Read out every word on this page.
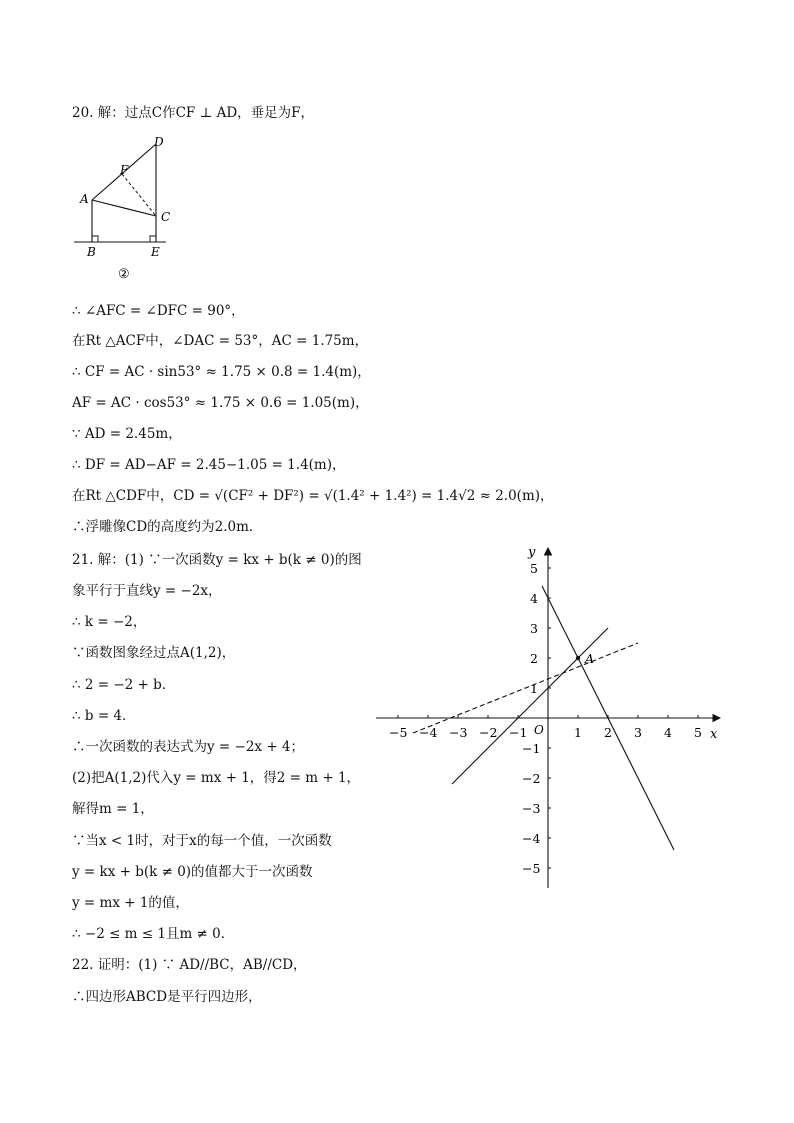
20. 解：过点C作CF ⊥ AD，垂足为F，
A
B
C
D
E
F
②
∴ ∠AFC = ∠DFC = 90°，
在Rt △ACF中，∠DAC = 53°，AC = 1.75m，
∴ CF = AC · sin53° ≈ 1.75 × 0.8 = 1.4(m)，
AF = AC · cos53° ≈ 1.75 × 0.6 = 1.05(m)，
∵ AD = 2.45m，
∴ DF = AD−AF = 2.45−1.05 = 1.4(m)，
在Rt △CDF中，CD = √(CF² + DF²) = √(1.4² + 1.4²) = 1.4√2 ≈ 2.0(m)，
∴浮雕像CD的高度约为2.0m．
21. 解：(1) ∵一次函数y = kx + b(k ≠ 0)的图
象平行于直线y = −2x，
∴ k = −2，
∵函数图象经过点A(1,2)，
∴ 2 = −2 + b．
∴ b = 4．
∴一次函数的表达式为y = −2x + 4；
(2)把A(1,2)代入y = mx + 1，得2 = m + 1，
解得m = 1，
∵当x < 1时，对于x的每一个值，一次函数
y = kx + b(k ≠ 0)的值都大于一次函数
y = mx + 1的值，
∴ −2 ≤ m ≤ 1且m ≠ 0．
22. 证明：(1) ∵ AD//BC，AB//CD，
∴四边形ABCD是平行四边形，
x
y
O
−5 −4 −3 −2 −1	1 2 3 4 5
5
4
3
2
1
−1
−2
−3
−4
−5
A
